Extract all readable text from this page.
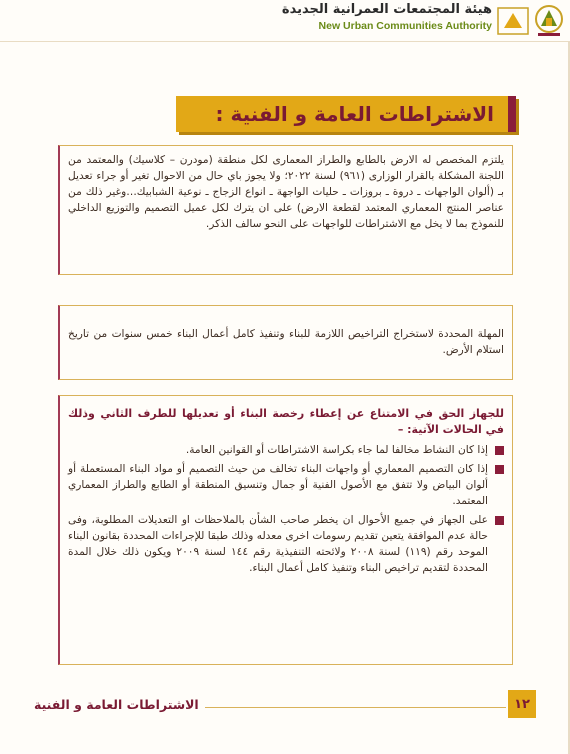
هيئة المجتمعات العمرانية الجديدة
New Urban Communities Authority
الاشتراطات العامة و الفنية :

يلتزم المخصص له الارض بالطابع والطراز المعمارى لكل منطقة (مودرن – كلاسيك) والمعتمد من اللجنة المشكلة بالقرار الوزارى (٩٦١) لسنة ٢٠٢٢؛ ولا يجوز باي حال من الاحوال تغير أو جراء تعديل بـ (ألوان الواجهات ـ دروة ـ بروزات ـ حليات الواجهة ـ انواع الزجاج ـ نوعية الشبابيك…وغير ذلك من عناصر المنتج المعماري المعتمد لقطعة الارض) على ان يترك لكل عميل التصميم والتوزيع الداخلي للنموذج بما لا يخل مع الاشتراطات للواجهات على النحو سالف الذكر.

المهلة المحددة لاستخراج التراخيص اللازمة للبناء وتنفيذ كامل أعمال البناء خمس سنوات من تاريخ استلام الأرض.

للجهاز الحق في الامتناع عن إعطاء رخصة البناء أو تعديلها للطرف الثاني وذلك في الحالات الآتية: –
إذا كان النشاط مخالفا لما جاء بكراسة الاشتراطات أو القوانين العامة.
إذا كان التصميم المعماري أو واجهات البناء تخالف من حيث التصميم أو مواد البناء المستعملة أو ألوان البياض ولا تتفق مع الأصول الفنية أو جمال وتنسيق المنطقة أو الطابع والطراز المعماري المعتمد.
على الجهاز في جميع الأحوال ان يخطر صاحب الشأن بالملاحظات او التعديلات المطلوبة، وفى حالة عدم الموافقة يتعين تقديم رسومات اخرى معدله وذلك طبقا للإجراءات المحددة بقانون البناء الموحد رقم (١١٩) لسنة ٢٠٠٨ ولائحته التنفيذية رقم ١٤٤ لسنة ٢٠٠٩ ويكون ذلك خلال المدة المحددة لتقديم تراخيص البناء وتنفيذ كامل أعمال البناء.
الاشتراطات العامة و الفنية	١٢
